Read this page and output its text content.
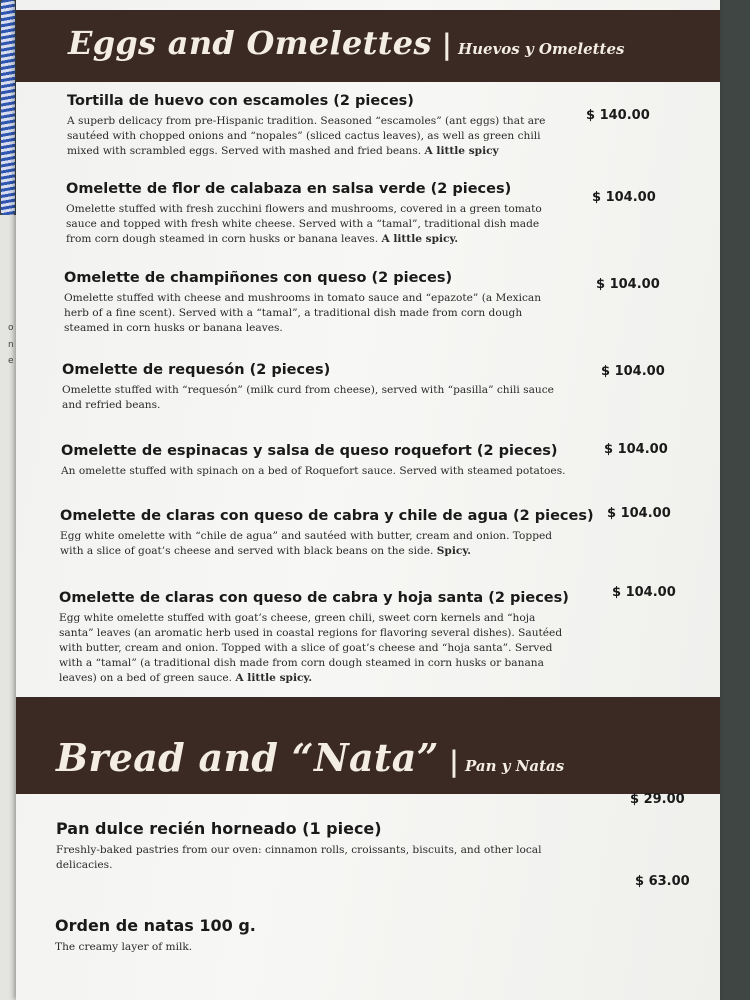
o
n
e
Eggs and Omelettes | Huevos y Omelettes
Tortilla de huevo con escamoles (2 pieces)
A superb delicacy from pre-Hispanic tradition. Seasoned “escamoles” (ant eggs) that are sautéed with chopped onions and “nopales” (sliced cactus leaves), as well as green chili mixed with scrambled eggs. Served with mashed and fried beans. A little spicy
$ 140.00
Omelette de flor de calabaza en salsa verde (2 pieces)
Omelette stuffed with fresh zucchini flowers and mushrooms, covered in a green tomato sauce and topped with fresh white cheese. Served with a “tamal”, traditional dish made from corn dough steamed in corn husks or banana leaves. A little spicy.
$ 104.00
Omelette de champiñones con queso (2 pieces)
Omelette stuffed with cheese and mushrooms in tomato sauce and “epazote” (a Mexican herb of a fine scent). Served with a “tamal”, a traditional dish made from corn dough steamed in corn husks or banana leaves.
$ 104.00
Omelette de requesón (2 pieces)
Omelette stuffed with “requesón” (milk curd from cheese), served with “pasilla” chili sauce and refried beans.
$ 104.00
Omelette de espinacas y salsa de queso roquefort (2 pieces)
An omelette stuffed with spinach on a bed of Roquefort sauce. Served with steamed potatoes.
$ 104.00
Omelette de claras con queso de cabra y chile de agua (2 pieces)
Egg white omelette with “chile de agua” and sautéed with butter, cream and onion. Topped with a slice of goat’s cheese and served with black beans on the side. Spicy.
$ 104.00
Omelette de claras con queso de cabra y hoja santa (2 pieces)
Egg white omelette stuffed with goat’s cheese, green chili, sweet corn kernels and “hoja santa” leaves (an aromatic herb used in coastal regions for flavoring several dishes). Sautéed with butter, cream and onion. Topped with a slice of goat’s cheese and “hoja santa”. Served with a “tamal” (a traditional dish made from corn dough steamed in corn husks or banana leaves) on a bed of green sauce. A little spicy.
$ 104.00
Bread and “Nata” | Pan y Natas
$ 29.00
Pan dulce recién horneado (1 piece)
Freshly-baked pastries from our oven: cinnamon rolls, croissants, biscuits, and other local delicacies.
$ 63.00
Orden de natas 100 g.
The creamy layer of milk.
